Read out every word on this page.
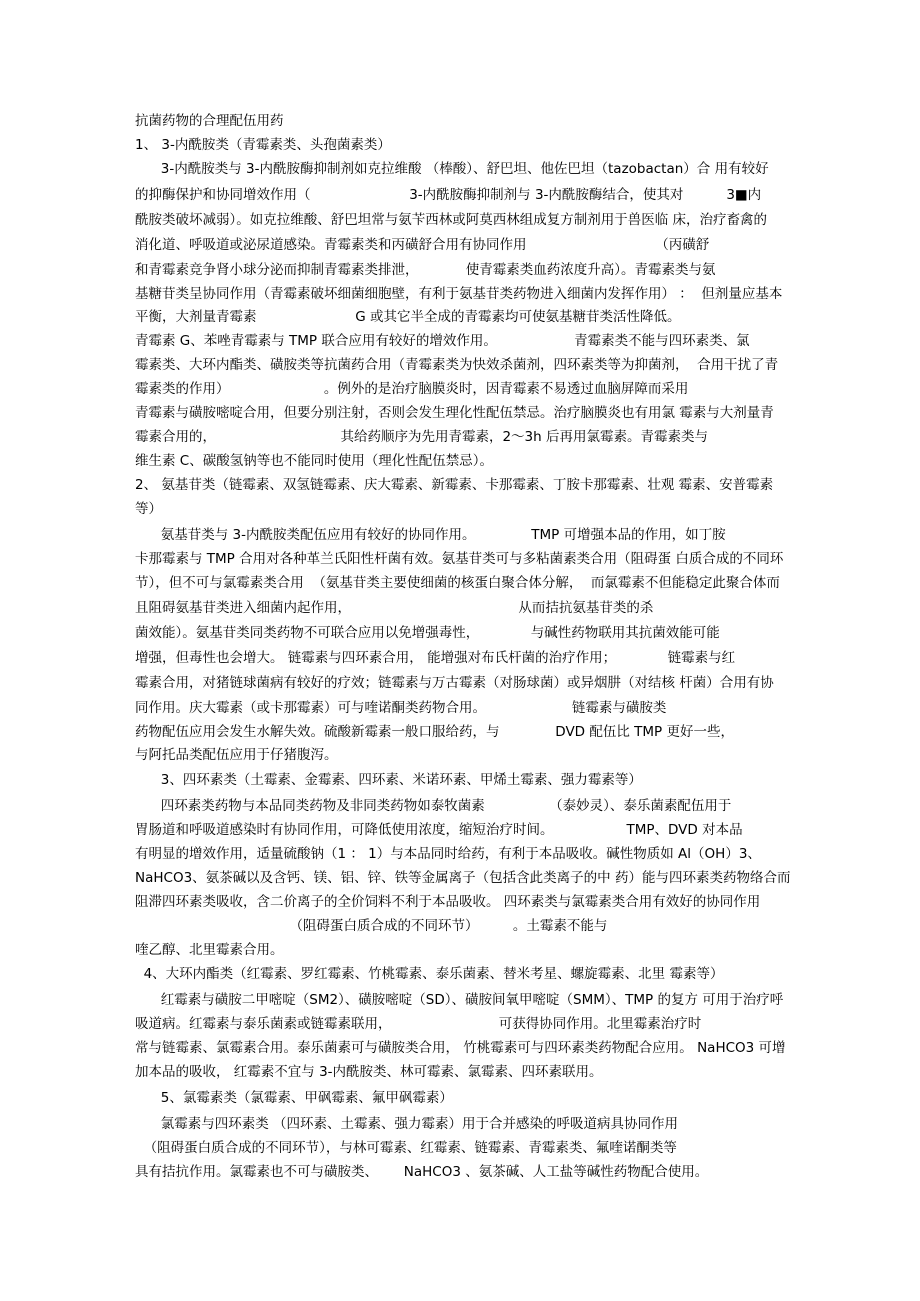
抗菌药物的合理配伍用药
1、 3-内酰胺类（青霉素类、头孢菌素类）
3-内酰胺类与 3-内酰胺酶抑制剂如克拉维酸 （棒酸）、舒巴坦、他佐巴坦（tazobactan）合 用有较好
的抑酶保护和协同增效作用（                       3-内酰胺酶抑制剂与 3-内酰胺酶结合，使其对          3■内
酰胺类破坏减弱）。如克拉维酸、舒巴坦常与氨苄西林或阿莫西林组成复方制剂用于兽医临 床，治疗畜禽的
消化道、呼吸道或泌尿道感染。青霉素类和丙磺舒合用有协同作用                              （丙磺舒
和青霉素竞争肾小球分泌而抑制青霉素类排泄，           使青霉素类血药浓度升高）。青霉素类与氨
基糖苷类呈协同作用（青霉素破坏细菌细胞壁，有利于氨基苷类药物进入细菌内发挥作用） ：  但剂量应基本
平衡，大剂量青霉素                       G 或其它半全成的青霉素均可使氨基糖苷类活性降低。
青霉素 G、苯唑青霉素与 TMP 联合应用有较好的增效作用。                  青霉素类不能与四环素类、氯
霉素类、大环内酯类、磺胺类等抗菌药合用（青霉素类为快效杀菌剂，四环素类等为抑菌剂，  合用干扰了青
霉素类的作用）                      。例外的是治疗脑膜炎时，因青霉素不易透过血脑屏障而采用
青霉素与磺胺嘧啶合用，但要分别注射，否则会发生理化性配伍禁忌。治疗脑膜炎也有用氯 霉素与大剂量青
霉素合用的，                             其给药顺序为先用青霉素，2～3h 后再用氯霉素。青霉素类与
维生素 C、碳酸氢钠等也不能同时使用（理化性配伍禁忌）。
2、 氨基苷类（链霉素、双氢链霉素、庆大霉素、新霉素、卡那霉素、丁胺卡那霉素、壮观 霉素、安普霉素
等）
氨基苷类与 3-内酰胺类配伍应用有较好的协同作用。             TMP 可增强本品的作用，如丁胺
卡那霉素与 TMP 合用对各种革兰氏阳性杆菌有效。氨基苷类可与多粘菌素类合用（阻碍蛋 白质合成的不同环
节），但不可与氯霉素类合用  （氨基苷类主要使细菌的核蛋白聚合体分解，  而氯霉素不但能稳定此聚合体而
且阻碍氨基苷类进入细菌内起作用，                                       从而拮抗氨基苷类的杀
菌效能）。氨基苷类同类药物不可联合应用以免增强毒性，            与碱性药物联用其抗菌效能可能
增强，但毒性也会增大。 链霉素与四环素合用， 能增强对布氏杆菌的治疗作用；            链霉素与红
霉素合用，对猪链球菌病有较好的疗效；链霉素与万古霉素（对肠球菌）或异烟肼（对结核 杆菌）合用有协
同作用。庆大霉素（或卡那霉素）可与喹诺酮类药物合用。                    链霉素与磺胺类
药物配伍应用会发生水解失效。硫酸新霉素一般口服给药，与             DVD 配伍比 TMP 更好一些，
与阿托品类配伍应用于仔猪腹泻。
3、四环素类（土霉素、金霉素、四环素、米诺环素、甲烯土霉素、强力霉素等）
四环素类药物与本品同类药物及非同类药物如泰牧菌素               （泰妙灵）、泰乐菌素配伍用于
胃肠道和呼吸道感染时有协同作用，可降低使用浓度，缩短治疗时间。                 TMP、DVD 对本品
有明显的增效作用，适量硫酸钠（1 ： 1）与本品同时给药，有利于本品吸收。碱性物质如 Al（OH）3、
NaHCO3、氨茶碱以及含钙、镁、铝、锌、铁等金属离子（包括含此类离子的中 药）能与四环素类药物络合而
阻滞四环素类吸收，含二价离子的全价饲料不利于本品吸收。 四环素类与氯霉素类合用有效好的协同作用
（阻碍蛋白质合成的不同环节）        。土霉素不能与
喹乙醇、北里霉素合用。
4、大环内酯类（红霉素、罗红霉素、竹桃霉素、泰乐菌素、替米考星、螺旋霉素、北里 霉素等）
红霉素与磺胺二甲嘧啶（SM2）、磺胺嘧啶（SD）、磺胺间氧甲嘧啶（SMM）、TMP 的复方 可用于治疗呼
吸道病。红霉素与泰乐菌素或链霉素联用，                         可获得协同作用。北里霉素治疗时
常与链霉素、氯霉素合用。泰乐菌素可与磺胺类合用， 竹桃霉素可与四环素类药物配合应用。 NaHCO3 可增
加本品的吸收， 红霉素不宜与 3-内酰胺类、林可霉素、氯霉素、四环素联用。
5、氯霉素类（氯霉素、甲砜霉素、氟甲砜霉素）
氯霉素与四环素类 （四环素、土霉素、强力霉素）用于合并感染的呼吸道病具协同作用
（阻碍蛋白质合成的不同环节），与林可霉素、红霉素、链霉素、青霉素类、氟喹诺酮类等
具有拮抗作用。氯霉素也不可与磺胺类、      NaHCO3 、氨茶碱、人工盐等碱性药物配合使用。
